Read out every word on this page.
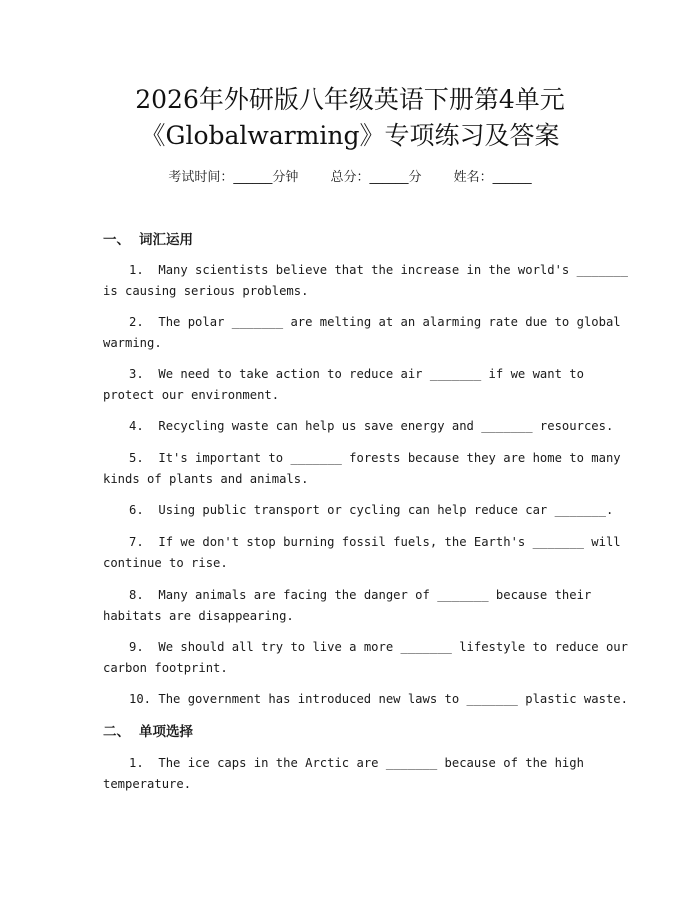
2026年外研版八年级英语下册第4单元
《Globalwarming》专项练习及答案
考试时间：______分钟 总分：______分 姓名：______
一、 词汇运用
1. Many scientists believe that the increase in the world's _______
is causing serious problems.
2. The polar _______ are melting at an alarming rate due to global
warming.
3. We need to take action to reduce air _______ if we want to
protect our environment.
4. Recycling waste can help us save energy and _______ resources.
5. It's important to _______ forests because they are home to many
kinds of plants and animals.
6. Using public transport or cycling can help reduce car _______.
7. If we don't stop burning fossil fuels, the Earth's _______ will
continue to rise.
8. Many animals are facing the danger of _______ because their
habitats are disappearing.
9. We should all try to live a more _______ lifestyle to reduce our
carbon footprint.
10. The government has introduced new laws to _______ plastic waste.
二、 单项选择
1. The ice caps in the Arctic are _______ because of the high
temperature.
